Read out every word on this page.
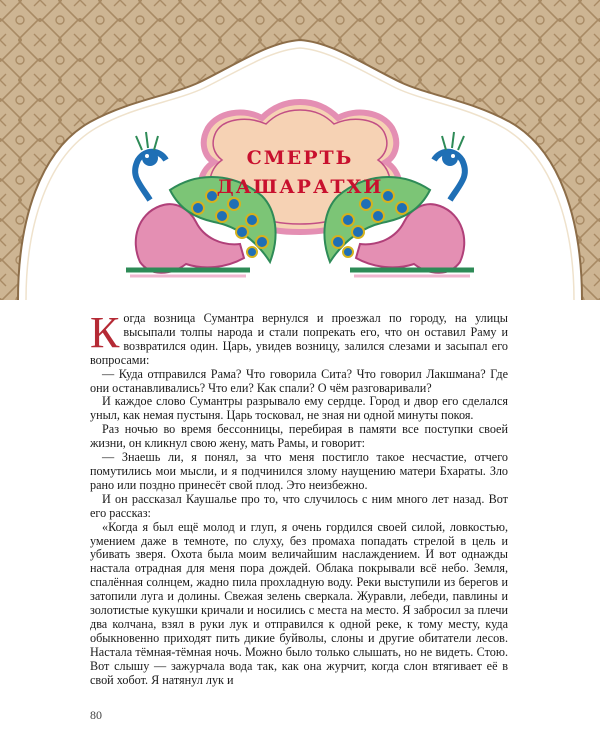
СМЕРТЬ
ДАШАРАТХИ

Когда возница Сумантра вернулся и проезжал по городу, на улицы высыпали толпы народа и стали попрекать его, что он оставил Раму и возвратился один. Царь, увидев возницу, залился слезами и засыпал его вопросами:

— Куда отправился Рама? Что говорила Сита? Что говорил Лакшмана? Где они останавливались? Что ели? Как спали? О чём разговаривали?

И каждое слово Сумантры разрывало ему сердце. Город и двор его сделался уныл, как немая пустыня. Царь тосковал, не зная ни одной минуты покоя.

Раз ночью во время бессонницы, перебирая в памяти все поступки своей жизни, он кликнул свою жену, мать Рамы, и говорит:

— Знаешь ли, я понял, за что меня постигло такое несчастие, отчего помутились мои мысли, и я подчинился злому наущению матери Бхараты. Зло рано или поздно принесёт свой плод. Это неизбежно.

И он рассказал Каушалье про то, что случилось с ним много лет назад. Вот его рассказ:

«Когда я был ещё молод и глуп, я очень гордился своей силой, ловкостью, умением даже в темноте, по слуху, без промаха попадать стрелой в цель и убивать зверя. Охота была моим величайшим наслаждением. И вот однажды настала отрадная для меня пора дождей. Облака покрывали всё небо. Земля, спалённая солнцем, жадно пила прохладную воду. Реки выступили из берегов и затопили луга и долины. Свежая зелень сверкала. Журавли, лебеди, павлины и золотистые кукушки кричали и носились с места на место. Я забросил за плечи два колчана, взял в руки лук и отправился к одной реке, к тому месту, куда обыкновенно приходят пить дикие буйволы, слоны и другие обитатели лесов. Настала тёмная-тёмная ночь. Можно было только слышать, но не видеть. Стою. Вот слышу — зажурчала вода так, как она журчит, когда слон втягивает её в свой хобот. Я натянул лук и

80
